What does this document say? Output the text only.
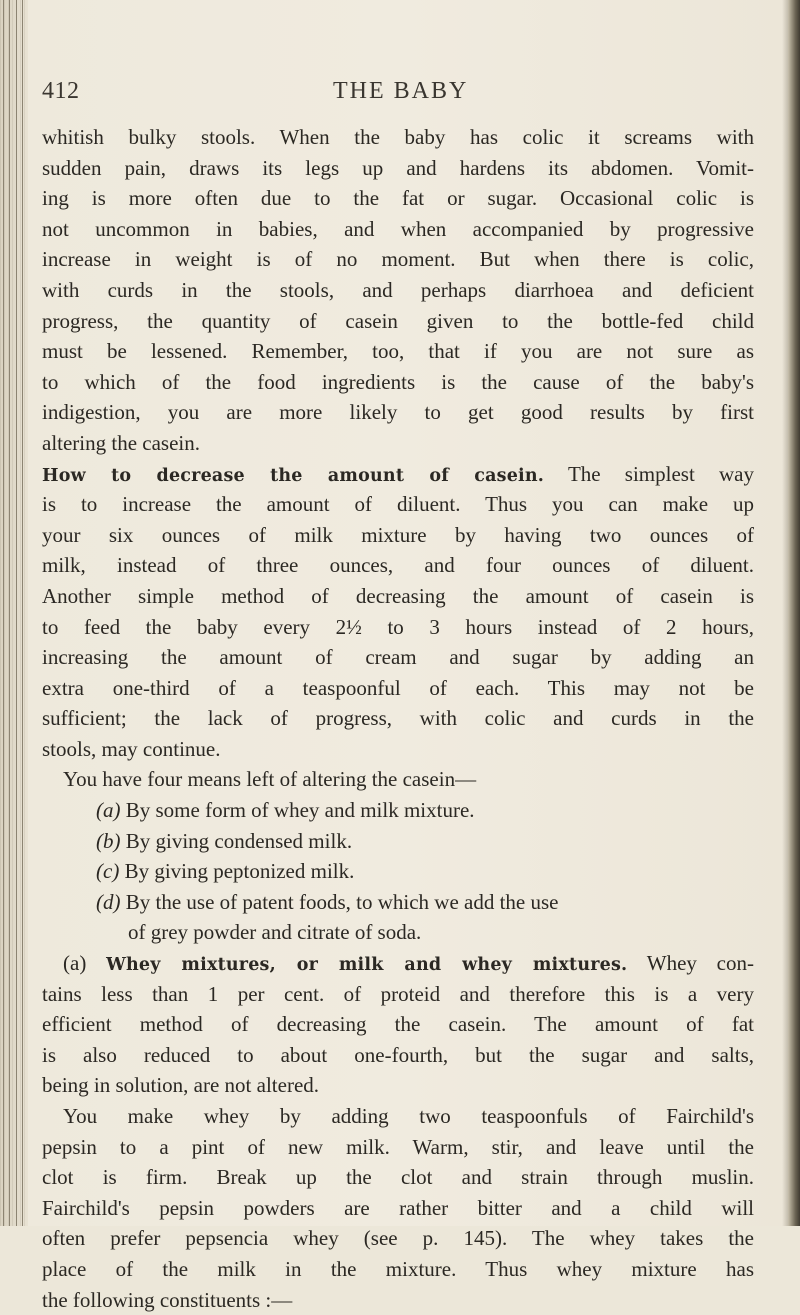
412	THE BABY
whitish bulky stools. When the baby has colic it screams with
sudden pain, draws its legs up and hardens its abdomen. Vomit-
ing is more often due to the fat or sugar. Occasional colic is
not uncommon in babies, and when accompanied by progressive
increase in weight is of no moment. But when there is colic,
with curds in the stools, and perhaps diarrhoea and deficient
progress, the quantity of casein given to the bottle-fed child
must be lessened. Remember, too, that if you are not sure as
to which of the food ingredients is the cause of the baby's
indigestion, you are more likely to get good results by first
altering the casein.
How to decrease the amount of casein. The simplest way
is to increase the amount of diluent. Thus you can make up
your six ounces of milk mixture by having two ounces of
milk, instead of three ounces, and four ounces of diluent.
Another simple method of decreasing the amount of casein is
to feed the baby every 2½ to 3 hours instead of 2 hours,
increasing the amount of cream and sugar by adding an
extra one-third of a teaspoonful of each. This may not be
sufficient; the lack of progress, with colic and curds in the
stools, may continue.
You have four means left of altering the casein—
(a) By some form of whey and milk mixture.
(b) By giving condensed milk.
(c) By giving peptonized milk.
(d) By the use of patent foods, to which we add the use
of grey powder and citrate of soda.
(a) Whey mixtures, or milk and whey mixtures. Whey con-
tains less than 1 per cent. of proteid and therefore this is a very
efficient method of decreasing the casein. The amount of fat
is also reduced to about one-fourth, but the sugar and salts,
being in solution, are not altered.
You make whey by adding two teaspoonfuls of Fairchild's
pepsin to a pint of new milk. Warm, stir, and leave until the
clot is firm. Break up the clot and strain through muslin.
Fairchild's pepsin powders are rather bitter and a child will
often prefer pepsencia whey (see p. 145). The whey takes the
place of the milk in the mixture. Thus whey mixture has
the following constituents :—
